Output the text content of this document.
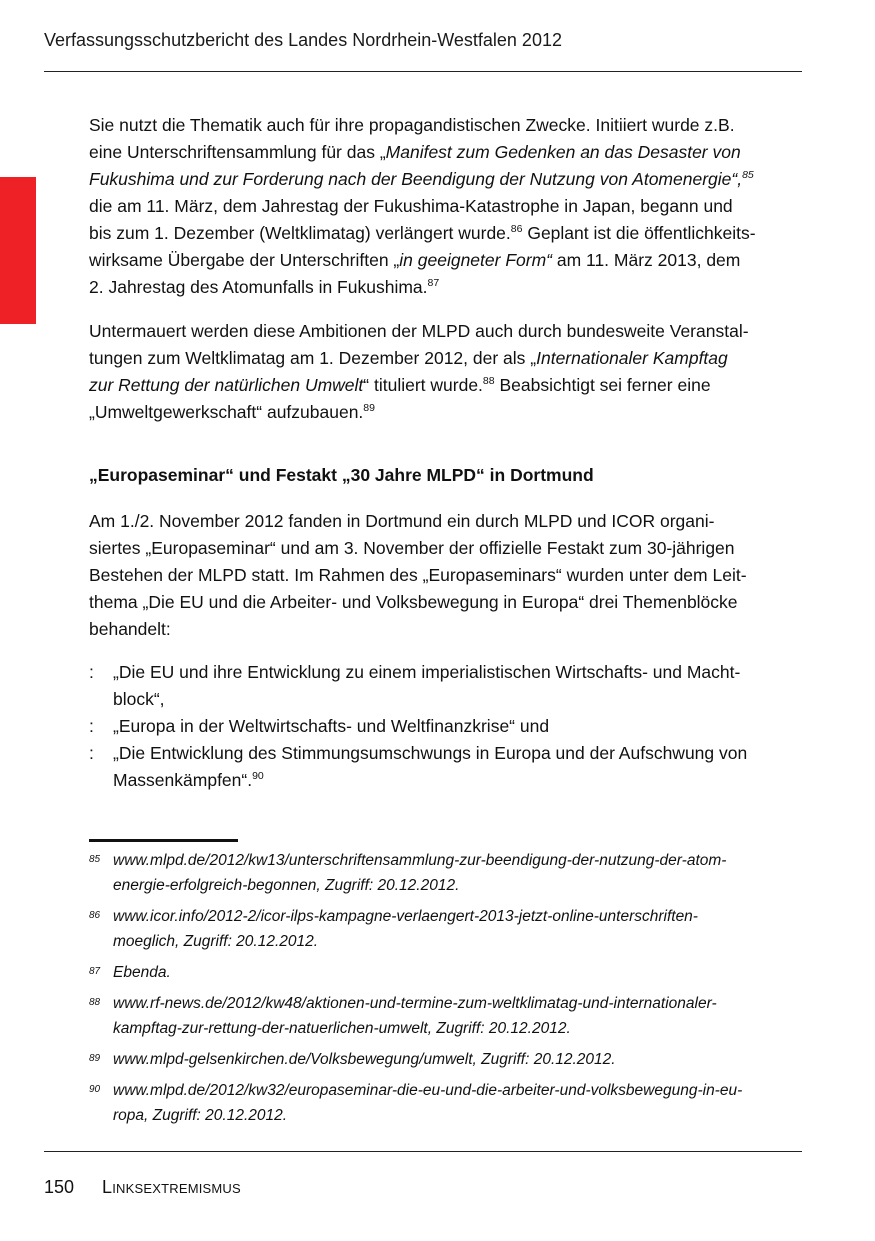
Verfassungsschutzbericht des Landes Nordrhein-Westfalen 2012
Sie nutzt die Thematik auch für ihre propagandistischen Zwecke. Initiiert wurde z.B.
eine Unterschriftensammlung für das „Manifest zum Gedenken an das Desaster von
Fukushima und zur Forderung nach der Beendigung der Nutzung von Atomenergie“,$^{85}$
die am 11. März, dem Jahrestag der Fukushima-Katastrophe in Japan, begann und
bis zum 1. Dezember (Weltklimatag) verlängert wurde.$^{86}$ Geplant ist die öffentlichkeits-
wirksame Übergabe der Unterschriften „in geeigneter Form“ am 11. März 2013, dem
2. Jahrestag des Atomunfalls in Fukushima.$^{87}$
Untermauert werden diese Ambitionen der MLPD auch durch bundesweite Veranstal-
tungen zum Weltklimatag am 1. Dezember 2012, der als „Internationaler Kampftag
zur Rettung der natürlichen Umwelt“ tituliert wurde.$^{88}$ Beabsichtigt sei ferner eine
„Umweltgewerkschaft“ aufzubauen.$^{89}$
„Europaseminar“ und Festakt „30 Jahre MLPD“ in Dortmund
Am 1./2. November 2012 fanden in Dortmund ein durch MLPD und ICOR organi-
siertes „Europaseminar“ und am 3. November der offizielle Festakt zum 30-jährigen
Bestehen der MLPD statt. Im Rahmen des „Europaseminars“ wurden unter dem Leit-
thema „Die EU und die Arbeiter- und Volksbewegung in Europa“ drei Themenblöcke
behandelt:
: „Die EU und ihre Entwicklung zu einem imperialistischen Wirtschafts- und Macht-
block“,
: „Europa in der Weltwirtschafts- und Weltfinanzkrise“ und
: „Die Entwicklung des Stimmungsumschwungs in Europa und der Aufschwung von
Massenkämpfen“.$^{90}$
85 www.mlpd.de/2012/kw13/unterschriftensammlung-zur-beendigung-der-nutzung-der-atom-
energie-erfolgreich-begonnen, Zugriff: 20.12.2012.
86 www.icor.info/2012-2/icor-ilps-kampagne-verlaengert-2013-jetzt-online-unterschriften-
moeglich, Zugriff: 20.12.2012.
87 Ebenda.
88 www.rf-news.de/2012/kw48/aktionen-und-termine-zum-weltklimatag-und-internationaler-
kampftag-zur-rettung-der-natuerlichen-umwelt, Zugriff: 20.12.2012.
89 www.mlpd-gelsenkirchen.de/Volksbewegung/umwelt, Zugriff: 20.12.2012.
90 www.mlpd.de/2012/kw32/europaseminar-die-eu-und-die-arbeiter-und-volksbewegung-in-eu-
ropa, Zugriff: 20.12.2012.
150 Linksextremismus
